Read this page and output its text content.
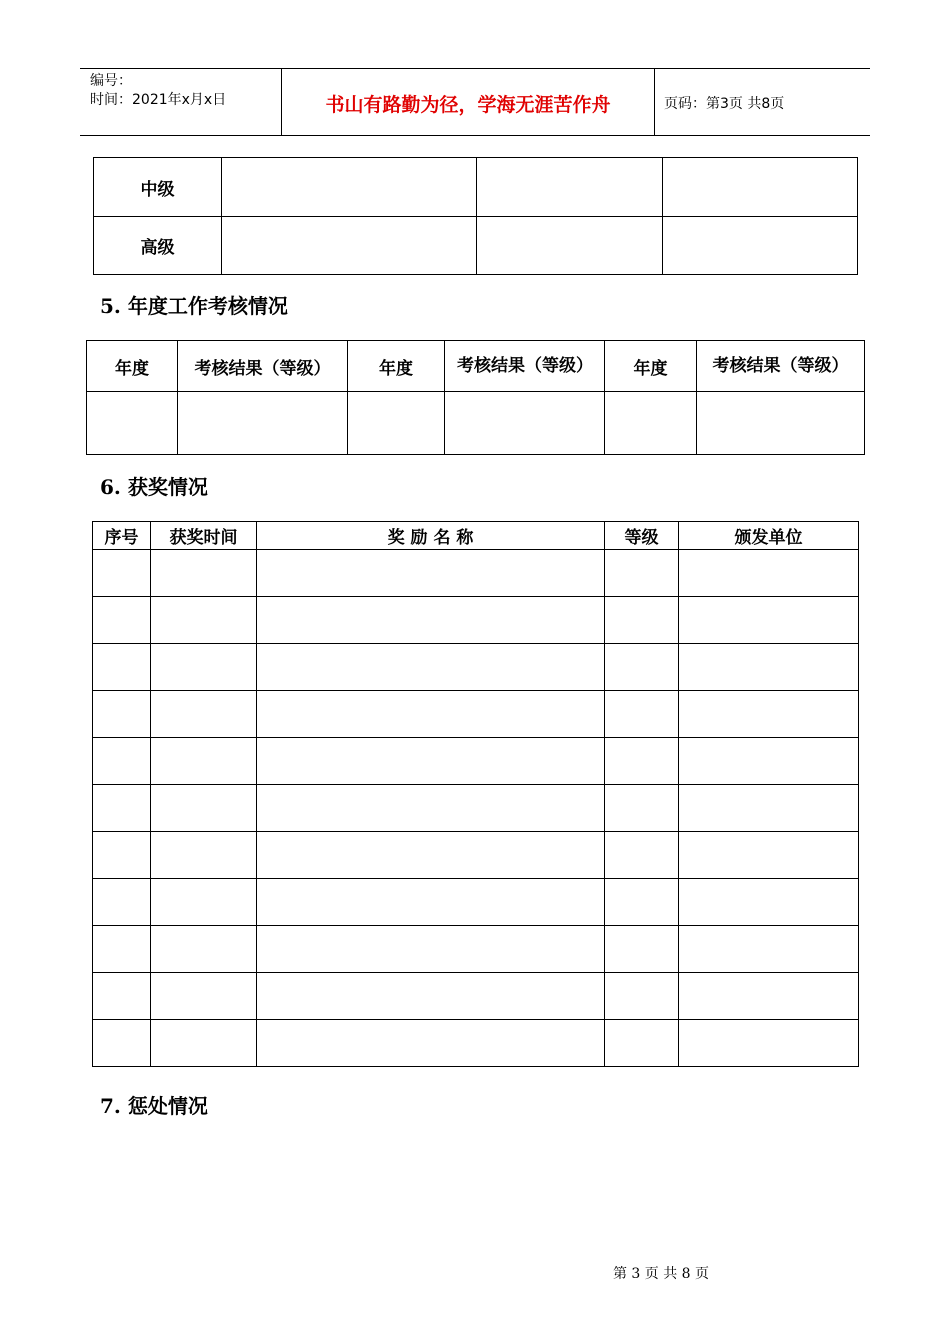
编号：
时间：2021年x月x日	书山有路勤为径，学海无涯苦作舟	页码：第3页 共8页
中级			
高级			
5. 年度工作考核情况
年度	考核结果（等级）	年度	考核结果（等级）	年度	考核结果（等级）

6. 获奖情况
序号	获奖时间	奖 励 名 称	等级	颁发单位

7. 惩处情况
第 3 页 共 8 页
